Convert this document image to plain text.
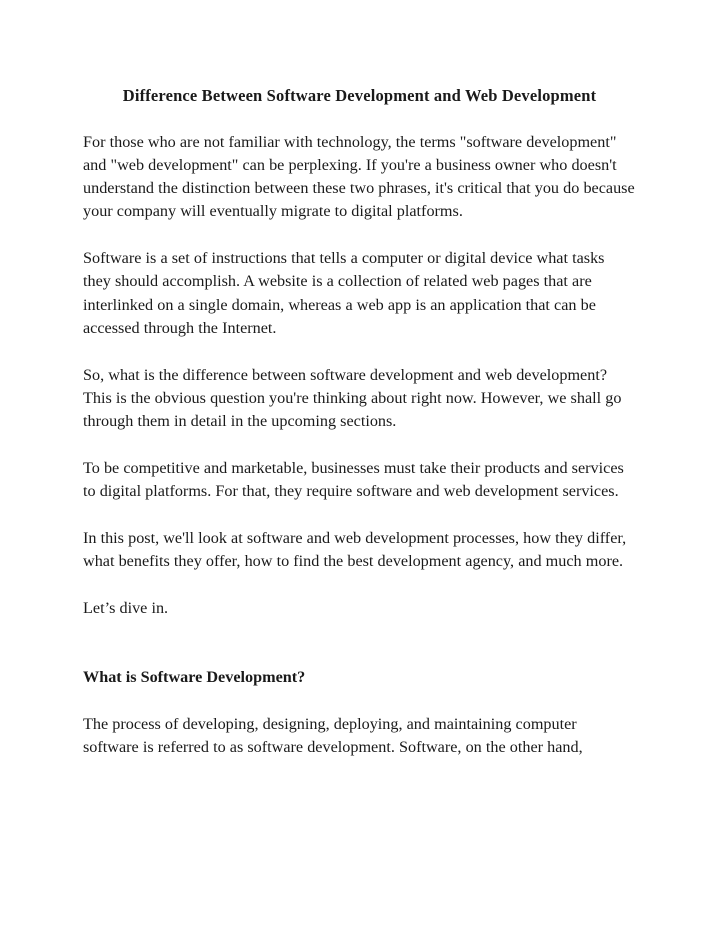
Difference Between Software Development and Web Development

For those who are not familiar with technology, the terms "software development" and "web development" can be perplexing. If you're a business owner who doesn't understand the distinction between these two phrases, it's critical that you do because your company will eventually migrate to digital platforms.

Software is a set of instructions that tells a computer or digital device what tasks they should accomplish. A website is a collection of related web pages that are interlinked on a single domain, whereas a web app is an application that can be accessed through the Internet.

So, what is the difference between software development and web development? This is the obvious question you're thinking about right now. However, we shall go through them in detail in the upcoming sections.

To be competitive and marketable, businesses must take their products and services to digital platforms. For that, they require software and web development services.

In this post, we'll look at software and web development processes, how they differ, what benefits they offer, how to find the best development agency, and much more.

Let’s dive in.

What is Software Development?

The process of developing, designing, deploying, and maintaining computer software is referred to as software development. Software, on the other hand,
